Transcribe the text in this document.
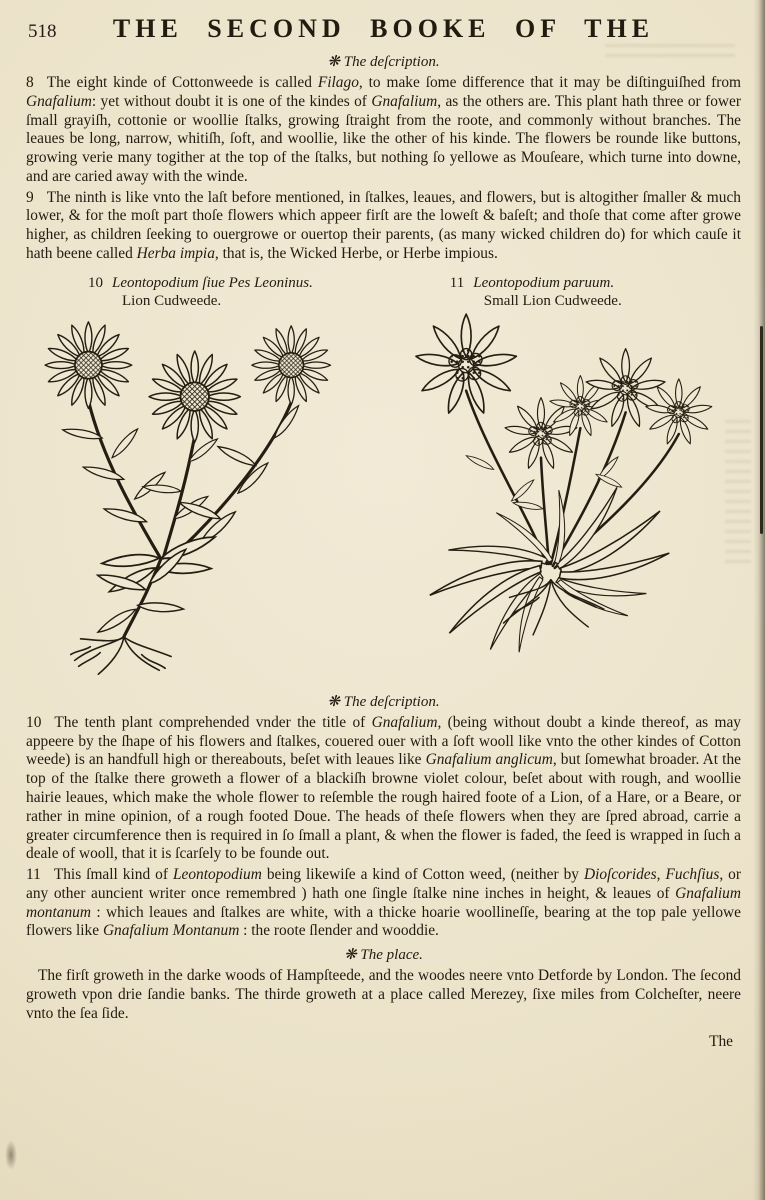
518	THE SECOND BOOKE OF THE
❋ The deſcription.

8 The eight kinde of Cottonweede is called Filago, to make ſome difference that it may be diſtinguiſhed from Gnafalium: yet without doubt it is one of the kindes of Gnafalium, as the others are. This plant hath three or fower ſmall grayiſh, cottonie or woollie ſtalks, growing ſtraight from the roote, and commonly without branches. The leaues be long, narrow, whitiſh, ſoft, and woollie, like the other of his kinde. The flowers be rounde like buttons, growing verie many togither at the top of the ſtalks, but nothing ſo yellowe as Mouſeare, which turne into downe, and are caried away with the winde.

9 The ninth is like vnto the laſt before mentioned, in ſtalkes, leaues, and flowers, but is altogither ſmaller & much lower, & for the moſt part thoſe flowers which appeer firſt are the loweſt & baſeſt; and thoſe that come after growe higher, as children ſeeking to ouergrowe or ouertop their parents, (as many wicked children do) for which cauſe it hath beene called Herba impia, that is, the Wicked Herbe, or Herbe impious.

10 Leontopodium ſiue Pes Leoninus.
Lion Cudweede.
11 Leontopodium paruum.
Small Lion Cudweede.
❋ The deſcription.

10 The tenth plant comprehended vnder the title of Gnafalium, (being without doubt a kinde thereof, as may appeere by the ſhape of his flowers and ſtalkes, couered ouer with a ſoft wooll like vnto the other kindes of Cotton weede) is an handfull high or thereabouts, beſet with leaues like Gnafalium anglicum, but ſomewhat broader. At the top of the ſtalke there groweth a flower of a blackiſh browne violet colour, beſet about with rough, and woollie hairie leaues, which make the whole flower to reſemble the rough haired foote of a Lion, of a Hare, or a Beare, or rather in mine opinion, of a rough footed Doue. The heads of theſe flowers when they are ſpred abroad, carrie a greater circumference then is required in ſo ſmall a plant, & when the flower is faded, the ſeed is wrapped in ſuch a deale of wooll, that it is ſcarſely to be founde out.

11 This ſmall kind of Leontopodium being likewiſe a kind of Cotton weed, (neither by Dioſcorides, Fuchſius, or any other auncient writer once remembred ) hath one ſingle ſtalke nine inches in height, & leaues of Gnafalium montanum : which leaues and ſtalkes are white, with a thicke hoarie woollineſſe, bearing at the top pale yellowe flowers like Gnafalium Montanum : the roote ſlender and wooddie.

❋ The place.

The firſt groweth in the darke woods of Hampſteede, and the woodes neere vnto Detforde by London. The ſecond groweth vpon drie ſandie banks. The thirde groweth at a place called Merezey, ſixe miles from Colcheſter, neere vnto the ſea ſide.

The
